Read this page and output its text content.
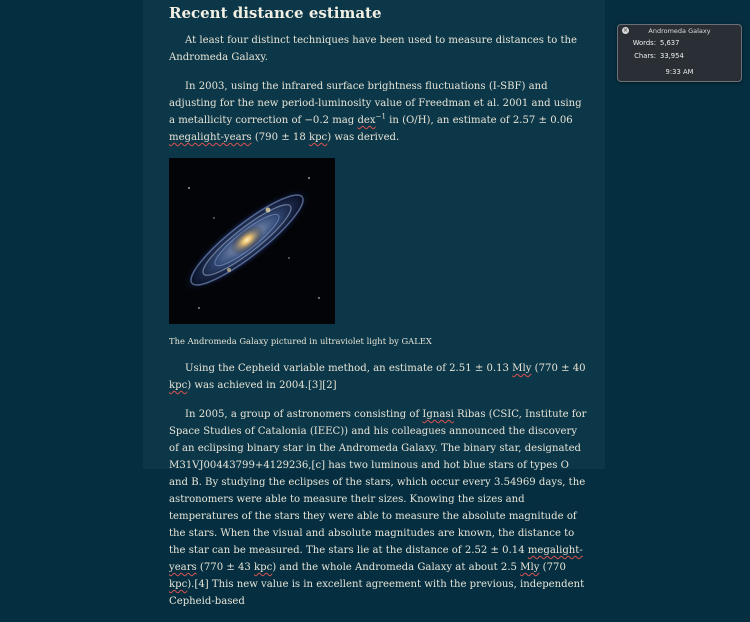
Recent distance estimate

At least four distinct techniques have been used to measure distances to the Andromeda Galaxy.

In 2003, using the infrared surface brightness fluctuations (I-SBF) and adjusting for the new period-luminosity value of Freedman et al. 2001 and using a metallicity correction of −0.2 mag dex$^{-1}$ in (O/H), an estimate of 2.57 ± 0.06 megalight-years (790 ± 18 kpc) was derived.

The Andromeda Galaxy pictured in ultraviolet light by GALEX

Using the Cepheid variable method, an estimate of 2.51 ± 0.13 Mly (770 ± 40 kpc) was achieved in 2004.[3][2]

In 2005, a group of astronomers consisting of Ignasi Ribas (CSIC, Institute for Space Studies of Catalonia (IEEC)) and his colleagues announced the discovery of an eclipsing binary star in the Andromeda Galaxy. The binary star, designated M31VJ00443799+4129236,[c] has two luminous and hot blue stars of types O and B. By studying the eclipses of the stars, which occur every 3.54969 days, the astronomers were able to measure their sizes. Knowing the sizes and temperatures of the stars they were able to measure the absolute magnitude of the stars. When the visual and absolute magnitudes are known, the distance to the star can be measured. The stars lie at the distance of 2.52 ± 0.14 megalight-years (770 ± 43 kpc) and the whole Andromeda Galaxy at about 2.5 Mly (770 kpc).[4] This new value is in excellent agreement with the previous, independent Cepheid-based

×	Andromeda Galaxy
Words: 5,637
Chars: 33,954
9:33 AM
